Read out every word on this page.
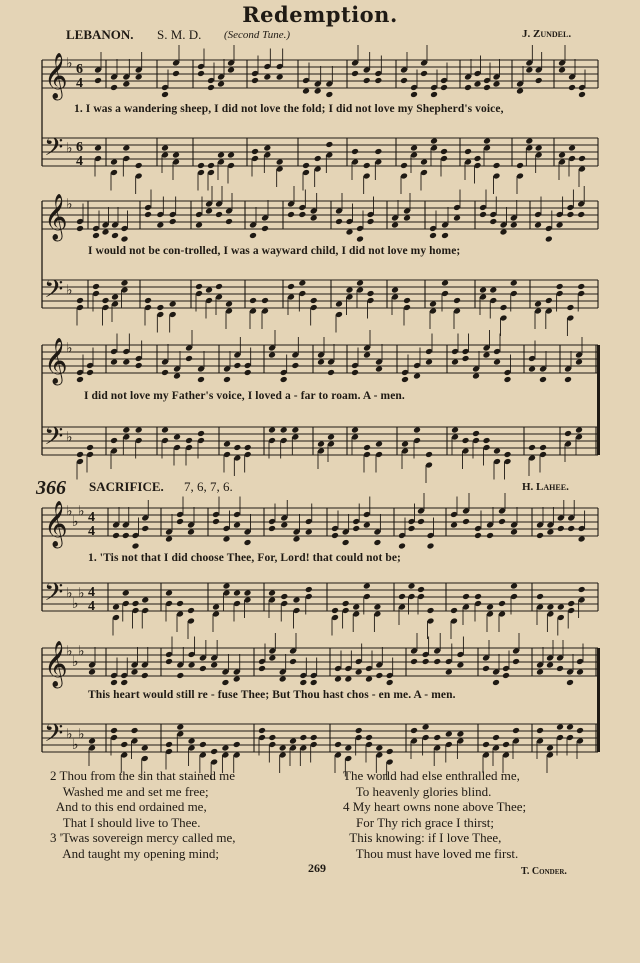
Redemption.
LEBANON. S. M. D. (Second Tune.)	J. Zundel.
𝄞
𝄢
♭
♭
6
4
6
4
𝄞
𝄢
♭
♭
𝄞
𝄢
♭
♭
𝄞
𝄢
♭
♭
♭
♭
♭
♭
4
4
4
4
𝄞
𝄢
♭
♭
♭
♭
♭
♭
1. I was a wandering sheep, I did not love the fold; I did not love my Shepherd's voice,
I would not be con-trolled, I was a wayward child, I did not love my home;
I did not love my Father's voice, I loved a - far to roam. A - men.
366 SACRIFICE. 7, 6, 7, 6.	H. Lahee.
1. 'Tis not that I did choose Thee, For, Lord! that could not be;
This heart would still re - fuse Thee; But Thou hast chos - en me. A - men.
2 Thou from the sin that stained me
Washed me and set me free;
And to this end ordained me,
That I should live to Thee.
3 'Twas sovereign mercy called me,
And taught my opening mind;
The world had else enthralled me,
To heavenly glories blind.
4 My heart owns none above Thee;
For Thy rich grace I thirst;
This knowing: if I love Thee,
Thou must have loved me first.
269	T. Conder.
